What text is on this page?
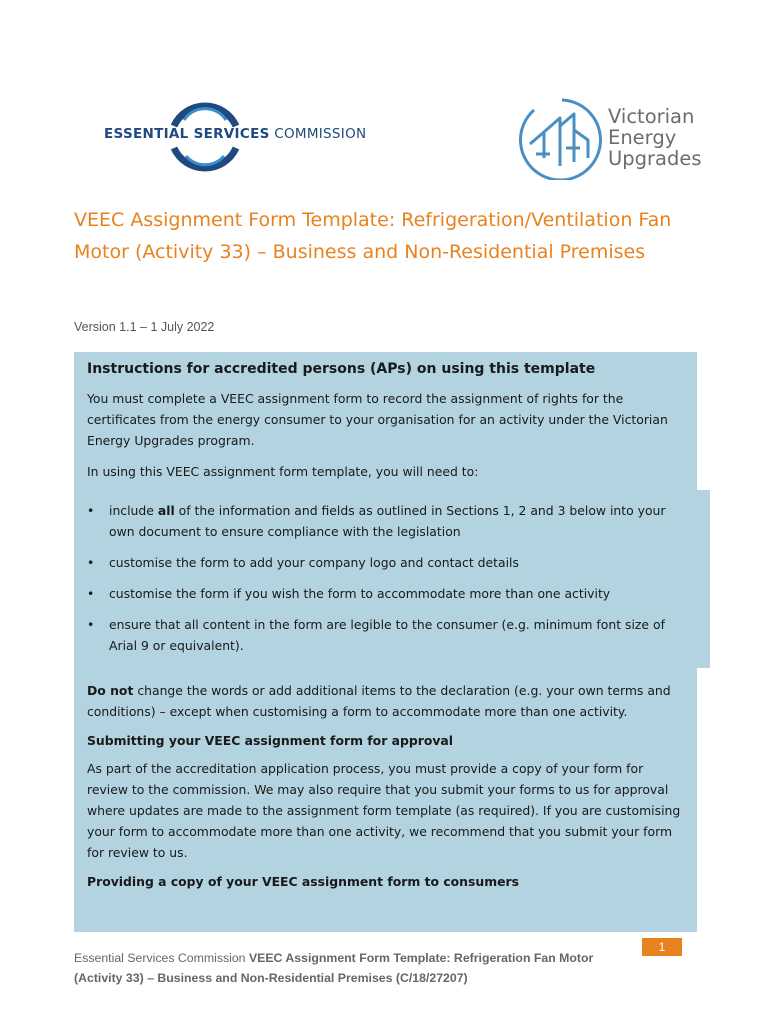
ESSENTIAL SERVICES COMMISSION
Victorian
Energy
Upgrades
VEEC Assignment Form Template: Refrigeration/Ventilation Fan Motor (Activity 33) – Business and Non-Residential Premises
Version 1.1 – 1 July 2022
Instructions for accredited persons (APs) on using this template

You must complete a VEEC assignment form to record the assignment of rights for the certificates from the energy consumer to your organisation for an activity under the Victorian Energy Upgrades program.

In using this VEEC assignment form template, you will need to:

• include all of the information and fields as outlined in Sections 1, 2 and 3 below into your own document to ensure compliance with the legislation
• customise the form to add your company logo and contact details
• customise the form if you wish the form to accommodate more than one activity
• ensure that all content in the form are legible to the consumer (e.g. minimum font size of Arial 9 or equivalent).

Do not change the words or add additional items to the declaration (e.g. your own terms and conditions) – except when customising a form to accommodate more than one activity.

Submitting your VEEC assignment form for approval

As part of the accreditation application process, you must provide a copy of your form for review to the commission. We may also require that you submit your forms to us for approval where updates are made to the assignment form template (as required). If you are customising your form to accommodate more than one activity, we recommend that you submit your form for review to us.

Providing a copy of your VEEC assignment form to consumers
Essential Services Commission VEEC Assignment Form Template: Refrigeration Fan Motor (Activity 33) – Business and Non-Residential Premises (C/18/27207)
1
